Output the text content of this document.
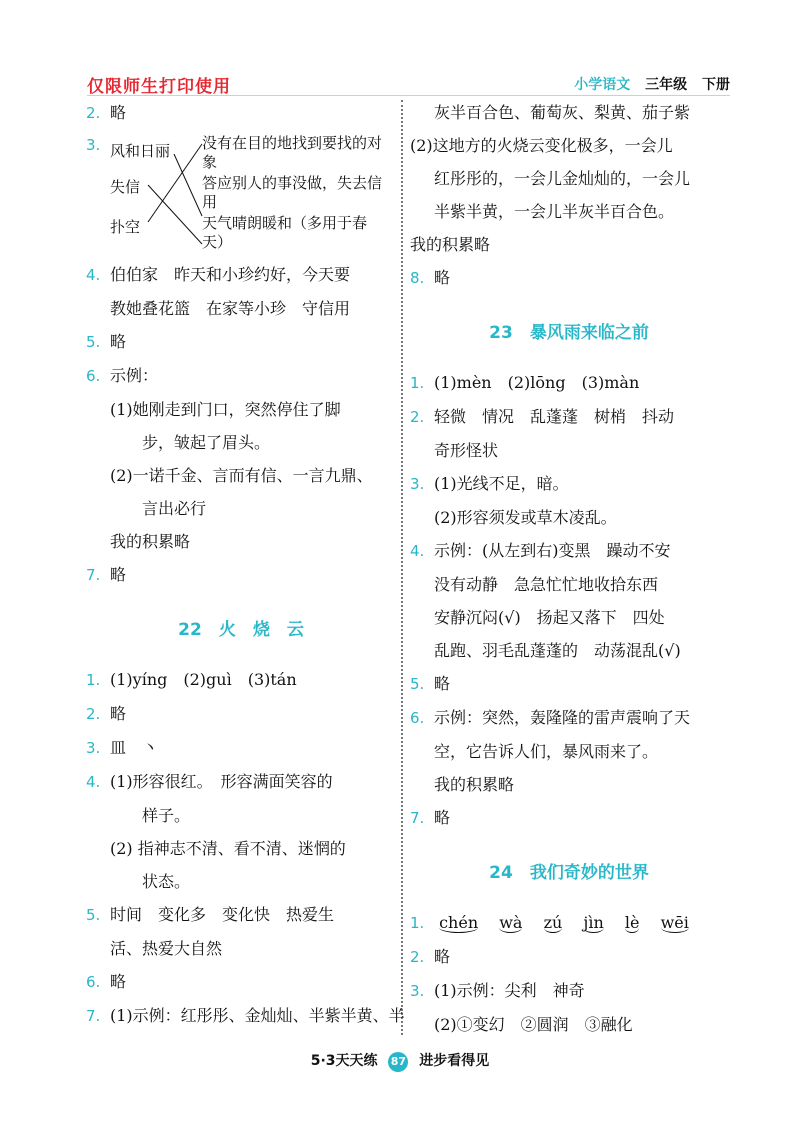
仅限师生打印使用	小学语文 三年级 下册
2. 略
3. 风和日丽
失信
扑空
没有在目的地找到要找的对象
答应别人的事没做，失去信用
天气晴朗暖和（多用于春天）
4. 伯伯家　昨天和小珍约好，今天要
教她叠花篮　在家等小珍　守信用
5. 略
6. 示例：
(1)她刚走到门口，突然停住了脚
步，皱起了眉头。
(2)一诺千金、言而有信、一言九鼎、
言出必行
我的积累略
7. 略
22　火　烧　云
1. (1)yíng　(2)guì　(3)tán
2. 略
3. 皿　丶
4. (1)形容很红。　形容满面笑容的
样子。
(2) 指神志不清、看不清、迷惘的
状态。
5. 时间　变化多　变化快　热爱生
活、热爱大自然
6. 略
7. (1)示例：红彤彤、金灿灿、半紫半黄、半
灰半百合色、葡萄灰、梨黄、茄子紫
(2)这地方的火烧云变化极多，一会儿
红彤彤的，一会儿金灿灿的，一会儿
半紫半黄，一会儿半灰半百合色。
我的积累略
8. 略
23　暴风雨来临之前
1. (1)mèn　(2)lōng　(3)màn
2. 轻微　情况　乱蓬蓬　树梢　抖动
奇形怪状
3. (1)光线不足，暗。
(2)形容须发或草木凌乱。
4. 示例：(从左到右)变黑　躁动不安
没有动静　急急忙忙地收拾东西
安静沉闷(√)　扬起又落下　四处
乱跑、羽毛乱蓬蓬的　动荡混乱(√)
5. 略
6. 示例：突然，轰隆隆的雷声震响了天
空，它告诉人们，暴风雨来了。
我的积累略
7. 略
24　我们奇妙的世界
1. chén wà zú jìn lè wēi
2. 略
3. (1)示例：尖利　神奇
(2)①变幻　②圆润　③融化
5·3天天练 87 进步看得见
